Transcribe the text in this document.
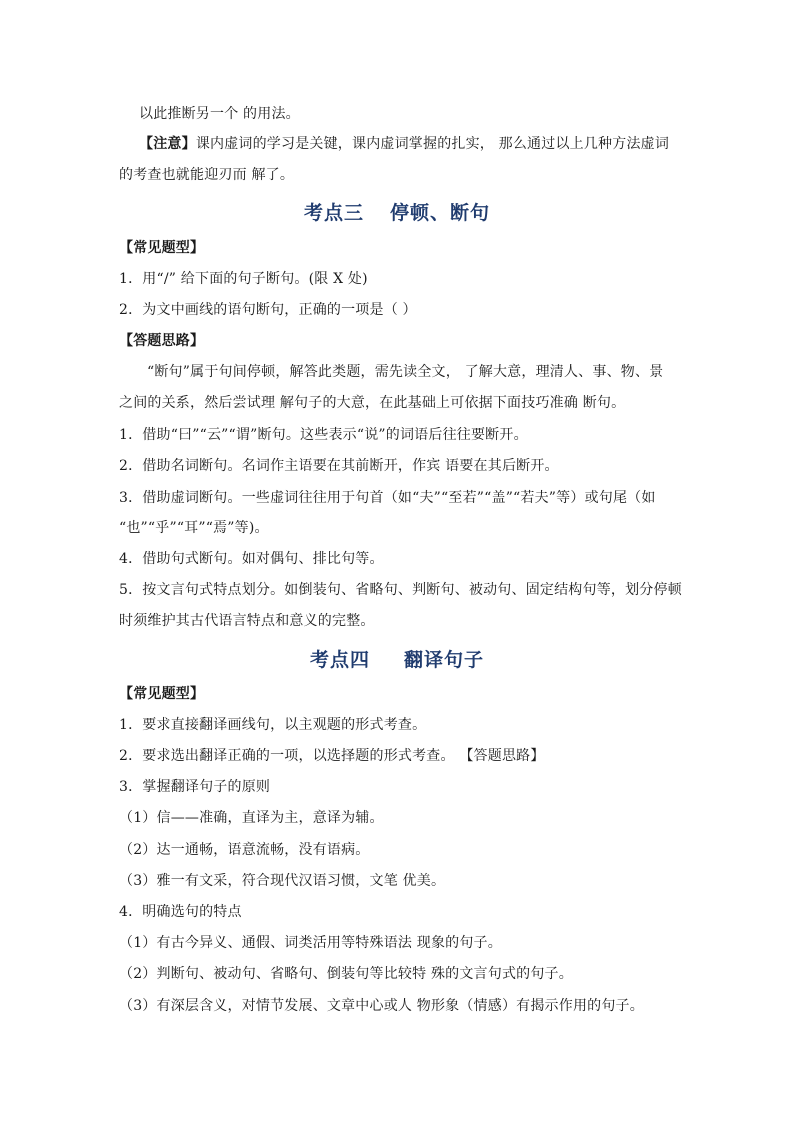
以此推断另一个 的用法。
【注意】课内虚词的学习是关键，课内虚词掌握的扎实， 那么通过以上几种方法虚词
的考查也就能迎刃而 解了。
考点三 停顿、断句
【常见题型】
1．用“/” 给下面的句子断句。(限 X 处)
2．为文中画线的语句断句，正确的一项是（ ）
【答题思路】
“断句”属于句间停顿，解答此类题，需先读全文， 了解大意，理清人、事、物、景
之间的关系，然后尝试理 解句子的大意，在此基础上可依据下面技巧准确 断句。
1．借助“曰”“云”“谓”断句。这些表示“说”的词语后往往要断开。
2．借助名词断句。名词作主语要在其前断开，作宾 语要在其后断开。
3．借助虚词断句。一些虚词往往用于句首（如“夫”“至若”“盖”“若夫”等）或句尾（如
“也”“乎”“耳”“焉”等)。
4．借助句式断句。如对偶句、排比句等。
5．按文言句式特点划分。如倒装句、省略句、判断句、被动句、固定结构句等，划分停顿
时须维护其古代语言特点和意义的完整。
考点四 翻译句子
【常见题型】
1．要求直接翻译画线句，以主观题的形式考查。
2．要求选出翻译正确的一项，以选择题的形式考查。 【答题思路】
3．掌握翻译句子的原则
（1）信——准确，直译为主，意译为辅。
（2）达一通畅，语意流畅，没有语病。
（3）雅一有文采，符合现代汉语习惯，文笔 优美。
4．明确选句的特点
（1）有古今异义、通假、词类活用等特殊语法 现象的句子。
（2）判断句、被动句、省略句、倒装句等比较特 殊的文言句式的句子。
（3）有深层含义，对情节发展、文章中心或人 物形象（情感）有揭示作用的句子。
